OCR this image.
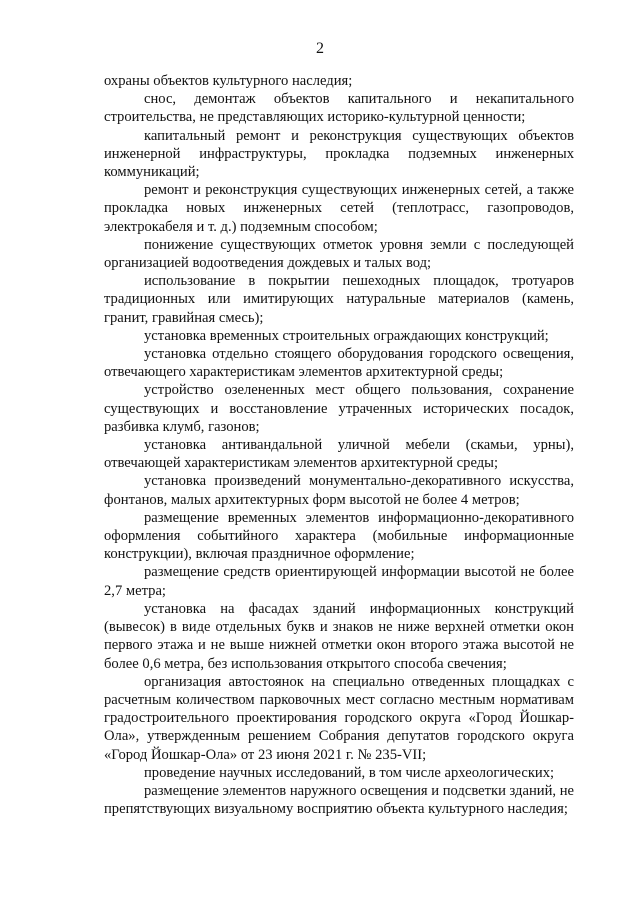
2

охраны объектов культурного наследия;

снос, демонтаж объектов капитального и некапитального строительства, не представляющих историко-культурной ценности;

капитальный ремонт и реконструкция существующих объектов инженерной инфраструктуры, прокладка подземных инженерных коммуникаций;

ремонт и реконструкция существующих инженерных сетей, а также прокладка новых инженерных сетей (теплотрасс, газопроводов, электрокабеля и т. д.) подземным способом;

понижение существующих отметок уровня земли с последующей организацией водоотведения дождевых и талых вод;

использование в покрытии пешеходных площадок, тротуаров традиционных или имитирующих натуральные материалов (камень, гранит, гравийная смесь);

установка временных строительных ограждающих конструкций;

установка отдельно стоящего оборудования городского освещения, отвечающего характеристикам элементов архитектурной среды;

устройство озелененных мест общего пользования, сохранение существующих и восстановление утраченных исторических посадок, разбивка клумб, газонов;

установка антивандальной уличной мебели (скамьи, урны), отвечающей характеристикам элементов архитектурной среды;

установка произведений монументально-декоративного искусства, фонтанов, малых архитектурных форм высотой не более 4 метров;

размещение временных элементов информационно-декоративного оформления событийного характера (мобильные информационные конструкции), включая праздничное оформление;

размещение средств ориентирующей информации высотой не более 2,7 метра;

установка на фасадах зданий информационных конструкций (вывесок) в виде отдельных букв и знаков не ниже верхней отметки окон первого этажа и не выше нижней отметки окон второго этажа высотой не более 0,6 метра, без использования открытого способа свечения;

организация автостоянок на специально отведенных площадках с расчетным количеством парковочных мест согласно местным нормативам градостроительного проектирования городского округа «Город Йошкар-Ола», утвержденным решением Собрания депутатов городского округа «Город Йошкар-Ола» от 23 июня 2021 г. № 235-VII;

проведение научных исследований, в том числе археологических;

размещение элементов наружного освещения и подсветки зданий, не препятствующих визуальному восприятию объекта культурного наследия;
